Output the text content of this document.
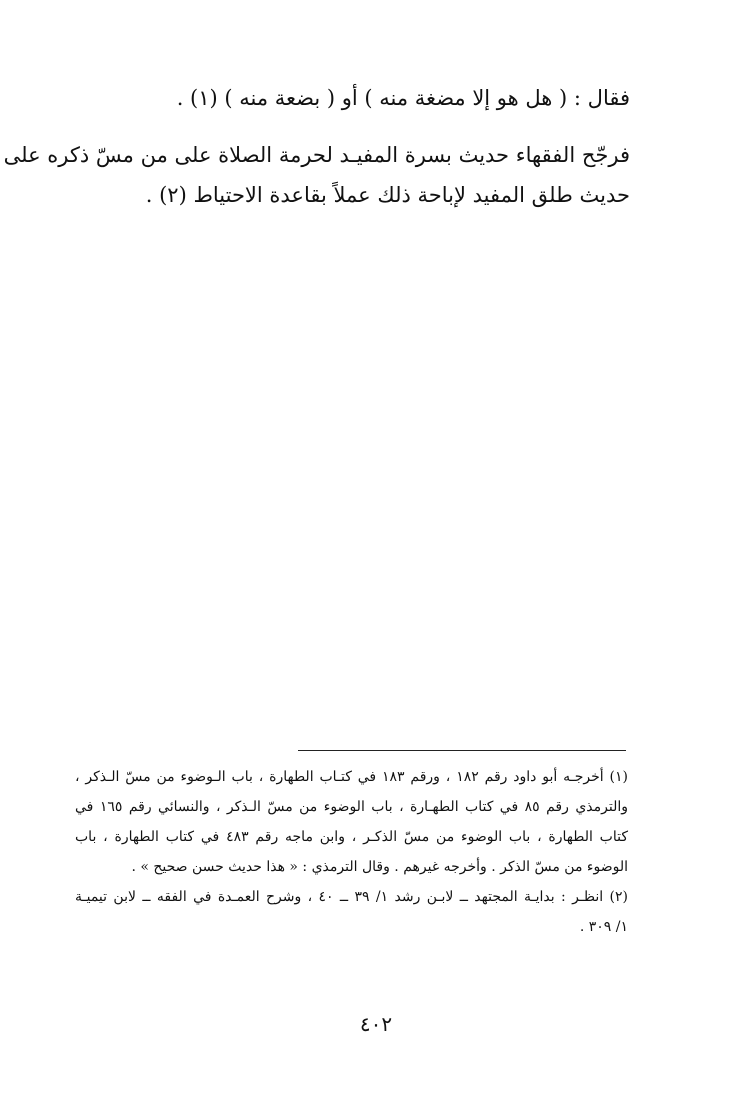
فقال : ( هل هو إلا مضغة منه ) أو ( بضعة منه ) (١) .
فرجّح الفقهاء حديث بسرة المفيـد لحرمة الصلاة على من مسّ ذكره على
حديث طلق المفيد لإباحة ذلك عملاً بقاعدة الاحتياط (٢) .
(١) أخرجـه أبو داود رقم ١٨٢ ، ورقم ١٨٣ في كتـاب الطهارة ، باب الـوضوء من مسّ الـذكر ،
والترمذي رقم ٨٥ في كتاب الطهـارة ، باب الوضوء من مسّ الـذكر ، والنسائي رقم ١٦٥ في
كتاب الطهارة ، باب الوضوء من مسّ الذكـر ، وابن ماجه رقم ٤٨٣ في كتاب الطهارة ، باب
الوضوء من مسّ الذكر . وأخرجه غيرهم . وقال الترمذي : « هذا حديث حسن صحيح » .
(٢) انظـر : بدايـة المجتهد ــ لابـن رشد ١/ ٣٩ ــ ٤٠ ، وشرح العمـدة في الفقه ــ لابن تيميـة
١/ ٣٠٩ .
٤٠٢
